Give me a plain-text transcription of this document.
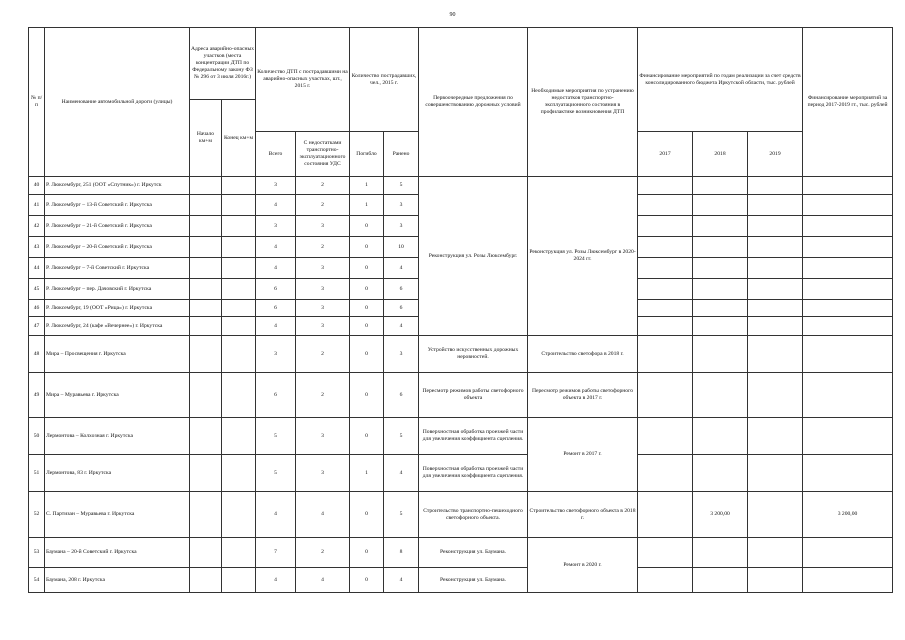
90
№ п/п	Наименование автомобильной дороги (улицы)	Адреса аварийно-опасных участков (места концентрации ДТП по Федеральному закону ФЗ № 296 от 3 июля 2016г.)		Количество ДТП с пострадавшими на аварийно-опасных участках, шт., 2015 г.		Количество пострадавших, чел., 2015 г.		Первоочередные предложения по совершенствованию дорожных условий	Необходимые мероприятия по устранению недостатков транспортно-эксплуатационного состояния в профилактике возникновения ДТП	Финансирование мероприятий по годам реализации за счет средств консолидированного бюджета Иркутской области, тыс. рублей			Финансирование мероприятий за период 2017-2019 гг., тыс. рублей
		Начало км+м	Конец км+м										
				Всего	С недостатками транспортно-эксплуатационного состояния УДС	Погибло	Ранено			2017	2018	2019	
40	Р. Люксембург, 251 (ООТ «Спутник») г. Иркутск			3	2	1	5	Реконструкция ул. Розы Люксембург.	Реконструкция ул. Розы Люксембург в 2020-2024 гг.				
41	Р. Люксембург – 13-й Советский г. Иркутска			4	2	1	3						
42	Р. Люксембург – 21-й Советский г. Иркутска			3	3	0	3						
43	Р. Люксембург – 20-й Советский г. Иркутска			4	2	0	10						
44	Р. Люксембург – 7-й Советский г. Иркутска			4	3	0	4						
45	Р. Люксембург – пер. Дачовский г. Иркутска			6	3	0	6						
46	Р. Люксембург, 19 (ООТ «Рица») г. Иркутска			6	3	0	6						
47	Р. Люксембург, 24 (кафе «Вечернее») г. Иркутска			4	3	0	4						
48	Мира – Просвещения г. Иркутска			3	2	0	3	Устройство искусственных дорожных неровностей.	Строительство светофора в 2018 г.				
49	Мира – Муравьева г. Иркутска			6	2	0	6	Пересмотр режимов работы светофорного объекта	Пересмотр режимов работы светофорного объекта в 2017 г.				
50	Лермонтова – Колхозная г. Иркутска			5	3	0	5	Поверхностная обработка проезжей части для увеличения коэффициента сцепления.	Ремонт в 2017 г.				
51	Лермонтова, 83 г. Иркутска			5	3	1	4	Поверхностная обработка проезжей части для увеличения коэффициента сцепления.					
52	С. Партизан – Муравьева г. Иркутска			4	4	0	5	Строительство транспортно-пешеходного светофорного объекта.	Строительство светофорного объекта в 2018 г.		3 200,00		3 200,00
53	Баумана – 20-й Советский г. Иркутска			7	2	0	8	Реконструкция ул. Баумана.	Ремонт в 2020 г.				
54	Баумана, 208 г. Иркутска			4	4	0	4	Реконструкция ул. Баумана.					
